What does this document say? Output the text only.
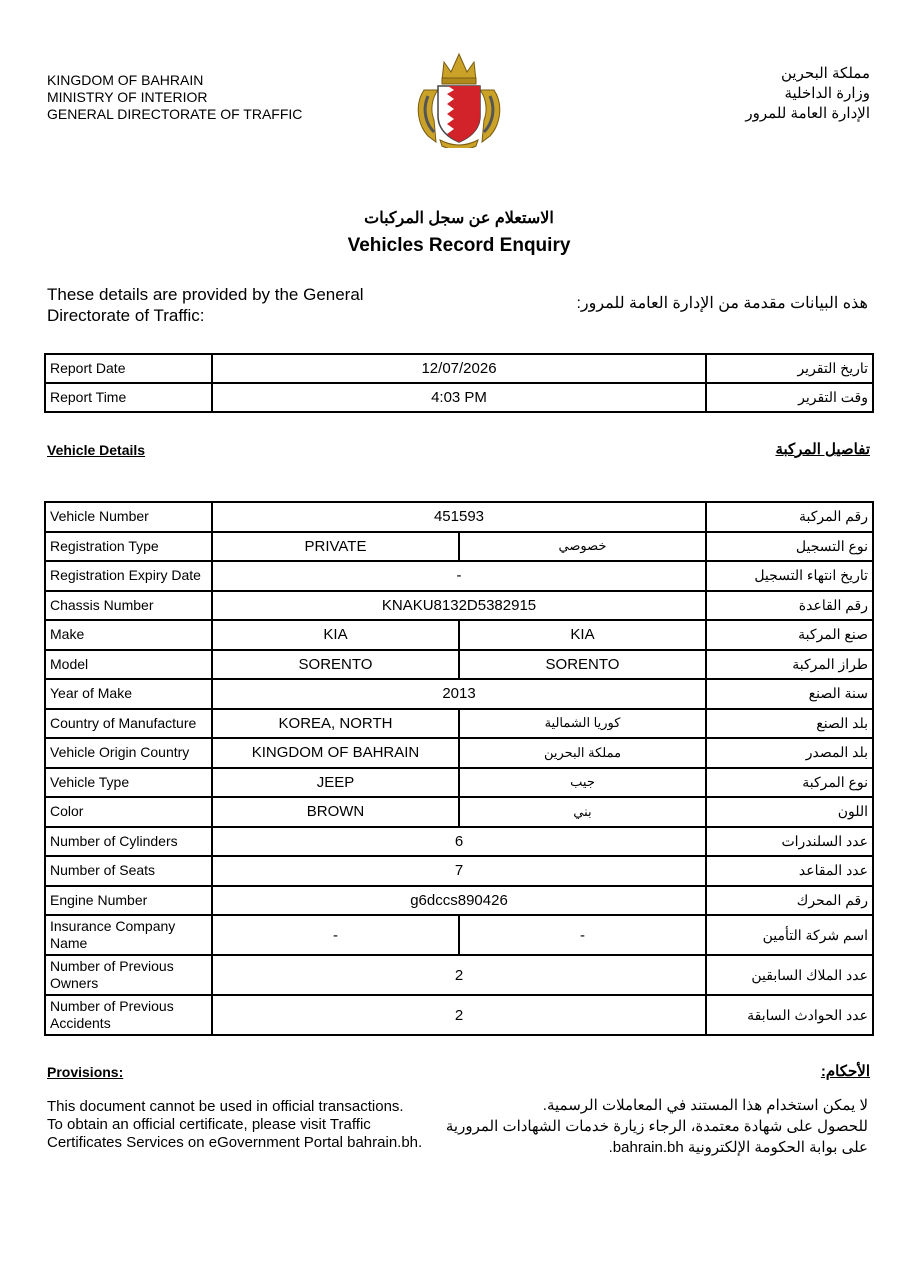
KINGDOM OF BAHRAIN
MINISTRY OF INTERIOR
GENERAL DIRECTORATE OF TRAFFIC
مملكة البحرين
وزارة الداخلية
الإدارة العامة للمرور
الاستعلام عن سجل المركبات
Vehicles Record Enquiry
These details are provided by the General Directorate of Traffic:
هذه البيانات مقدمة من الإدارة العامة للمرور:
Report Date	12/07/2026	تاريخ التقرير
Report Time	4:03 PM	وقت التقرير
Vehicle Details	تفاصيل المركبة
Vehicle Number	451593		رقم المركبة
Registration Type	PRIVATE	خصوصي	نوع التسجيل
Registration Expiry Date	-		تاريخ انتهاء التسجيل
Chassis Number	KNAKU8132D5382915		رقم القاعدة
Make	KIA	KIA	صنع المركبة
Model	SORENTO	SORENTO	طراز المركبة
Year of Make	2013		سنة الصنع
Country of Manufacture	KOREA, NORTH	كوريا الشمالية	بلد الصنع
Vehicle Origin Country	KINGDOM OF BAHRAIN	مملكة البحرين	بلد المصدر
Vehicle Type	JEEP	جيب	نوع المركبة
Color	BROWN	بني	اللون
Number of Cylinders	6		عدد السلندرات
Number of Seats	7		عدد المقاعد
Engine Number	g6dccs890426		رقم المحرك
Insurance Company Name	-	-	اسم شركة التأمين
Number of Previous Owners	2		عدد الملاك السابقين
Number of Previous Accidents	2		عدد الحوادث السابقة
Provisions:	الأحكام:
This document cannot be used in official transactions.
To obtain an official certificate, please visit Traffic
Certificates Services on eGovernment Portal bahrain.bh.
لا يمكن استخدام هذا المستند في المعاملات الرسمية.
للحصول على شهادة معتمدة، الرجاء زيارة خدمات الشهادات المرورية
على بوابة الحكومة الإلكترونية bahrain.bh.
